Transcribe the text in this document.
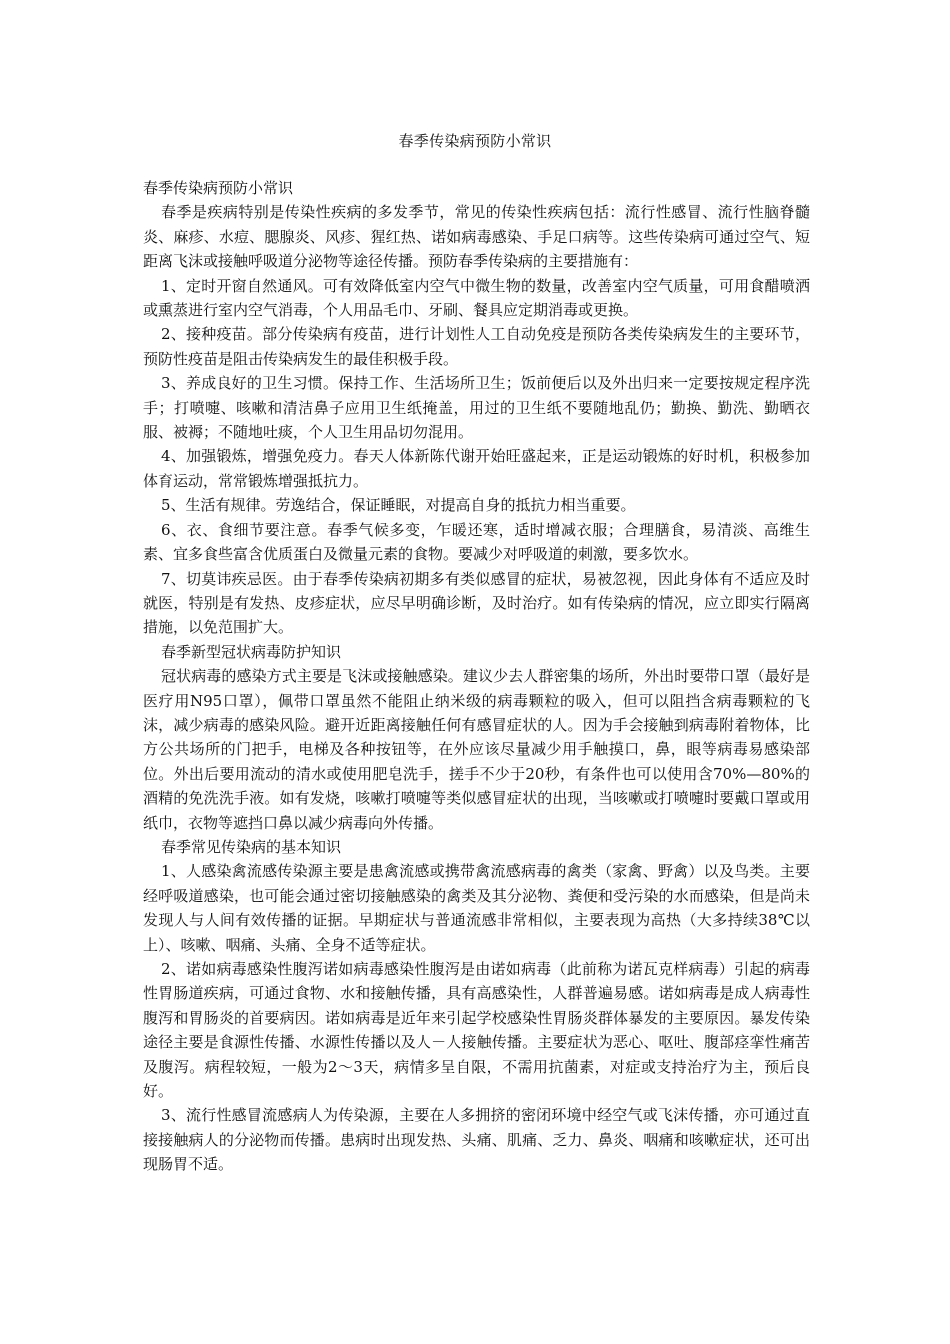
春季传染病预防小常识

春季传染病预防小常识

春季是疾病特别是传染性疾病的多发季节，常见的传染性疾病包括：流行性感冒、流行性脑脊髓炎、麻疹、水痘、腮腺炎、风疹、猩红热、诺如病毒感染、手足口病等。这些传染病可通过空气、短距离飞沫或接触呼吸道分泌物等途径传播。预防春季传染病的主要措施有：

1、定时开窗自然通风。可有效降低室内空气中微生物的数量，改善室内空气质量，可用食醋喷洒或熏蒸进行室内空气消毒，个人用品毛巾、牙刷、餐具应定期消毒或更换。

2、接种疫苗。部分传染病有疫苗，进行计划性人工自动免疫是预防各类传染病发生的主要环节，预防性疫苗是阻击传染病发生的最佳积极手段。

3、养成良好的卫生习惯。保持工作、生活场所卫生；饭前便后以及外出归来一定要按规定程序洗手；打喷嚏、咳嗽和清洁鼻子应用卫生纸掩盖，用过的卫生纸不要随地乱仍；勤换、勤洗、勤晒衣服、被褥；不随地吐痰，个人卫生用品切勿混用。

4、加强锻炼，增强免疫力。春天人体新陈代谢开始旺盛起来，正是运动锻炼的好时机，积极参加体育运动，常常锻炼增强抵抗力。

5、生活有规律。劳逸结合，保证睡眠，对提高自身的抵抗力相当重要。

6、衣、食细节要注意。春季气候多变，乍暖还寒，适时增减衣服；合理膳食，易清淡、高维生素、宜多食些富含优质蛋白及微量元素的食物。要减少对呼吸道的刺激，要多饮水。

7、切莫讳疾忌医。由于春季传染病初期多有类似感冒的症状，易被忽视，因此身体有不适应及时就医，特别是有发热、皮疹症状，应尽早明确诊断，及时治疗。如有传染病的情况，应立即实行隔离措施，以免范围扩大。

春季新型冠状病毒防护知识

冠状病毒的感染方式主要是飞沫或接触感染。建议少去人群密集的场所，外出时要带口罩（最好是医疗用N95口罩），佩带口罩虽然不能阻止纳米级的病毒颗粒的吸入，但可以阻挡含病毒颗粒的飞沫，减少病毒的感染风险。避开近距离接触任何有感冒症状的人。因为手会接触到病毒附着物体，比方公共场所的门把手，电梯及各种按钮等，在外应该尽量减少用手触摸口，鼻，眼等病毒易感染部位。外出后要用流动的清水或使用肥皂洗手，搓手不少于20秒，有条件也可以使用含70%—80%的酒精的免洗洗手液。如有发烧，咳嗽打喷嚏等类似感冒症状的出现，当咳嗽或打喷嚏时要戴口罩或用纸巾，衣物等遮挡口鼻以减少病毒向外传播。

春季常见传染病的基本知识

1、人感染禽流感传染源主要是患禽流感或携带禽流感病毒的禽类（家禽、野禽）以及鸟类。主要经呼吸道感染，也可能会通过密切接触感染的禽类及其分泌物、粪便和受污染的水而感染，但是尚未发现人与人间有效传播的证据。早期症状与普通流感非常相似，主要表现为高热（大多持续38℃以上）、咳嗽、咽痛、头痛、全身不适等症状。

2、诺如病毒感染性腹泻诺如病毒感染性腹泻是由诺如病毒（此前称为诺瓦克样病毒）引起的病毒性胃肠道疾病，可通过食物、水和接触传播，具有高感染性，人群普遍易感。诺如病毒是成人病毒性腹泻和胃肠炎的首要病因。诺如病毒是近年来引起学校感染性胃肠炎群体暴发的主要原因。暴发传染途径主要是食源性传播、水源性传播以及人－人接触传播。主要症状为恶心、呕吐、腹部痉挛性痛苦及腹泻。病程较短，一般为2～3天，病情多呈自限，不需用抗菌素，对症或支持治疗为主，预后良好。

3、流行性感冒流感病人为传染源，主要在人多拥挤的密闭环境中经空气或飞沫传播，亦可通过直接接触病人的分泌物而传播。患病时出现发热、头痛、肌痛、乏力、鼻炎、咽痛和咳嗽症状，还可出现肠胃不适。
